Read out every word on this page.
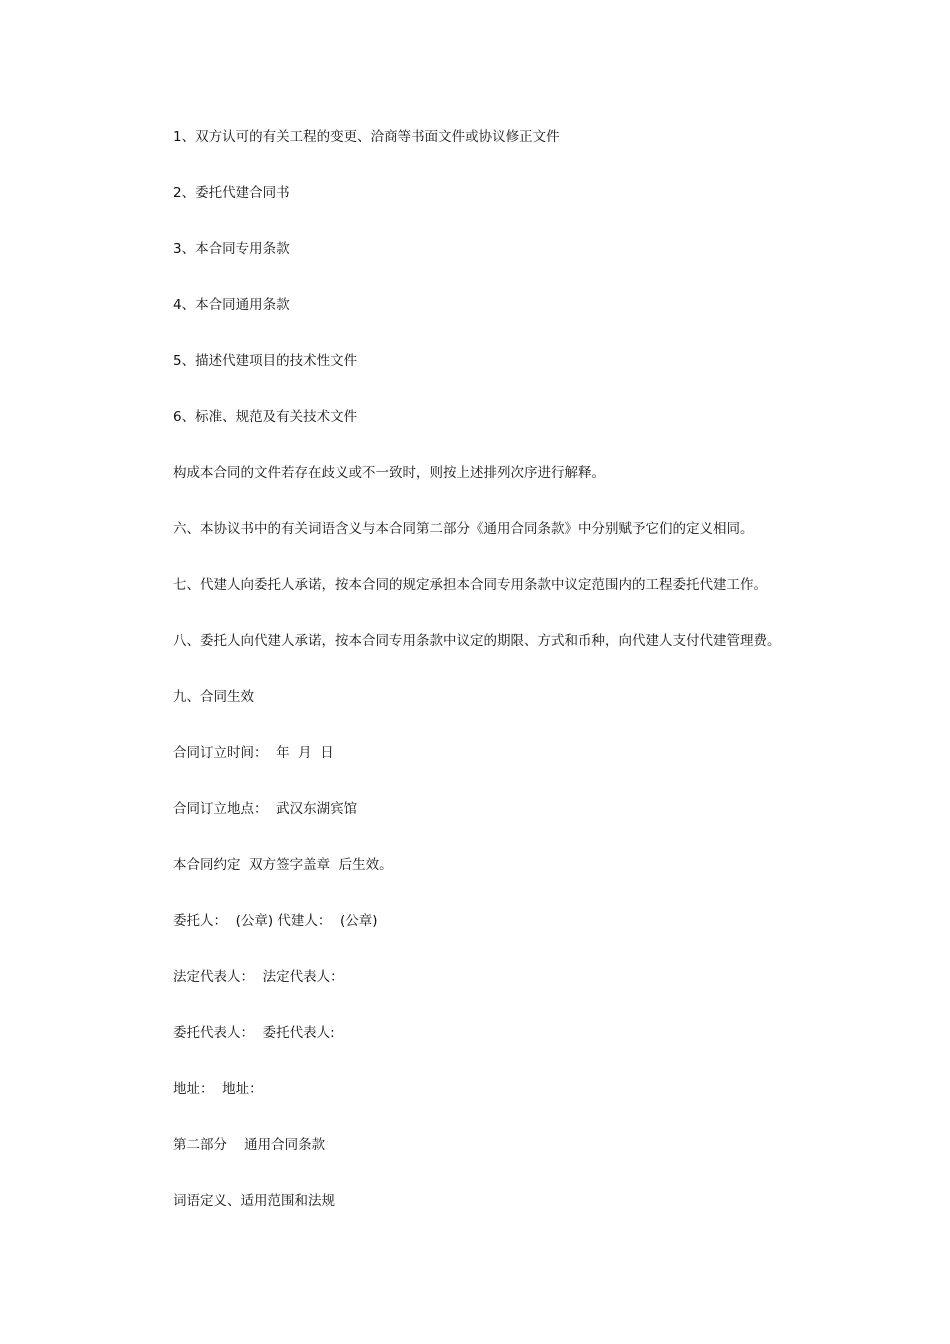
1、双方认可的有关工程的变更、洽商等书面文件或协议修正文件

2、委托代建合同书

3、本合同专用条款

4、本合同通用条款

5、描述代建项目的技术性文件

6、标准、规范及有关技术文件

构成本合同的文件若存在歧义或不一致时，则按上述排列次序进行解释。

六、本协议书中的有关词语含义与本合同第二部分《通用合同条款》中分别赋予它们的定义相同。

七、代建人向委托人承诺，按本合同的规定承担本合同专用条款中议定范围内的工程委托代建工作。

八、委托人向代建人承诺，按本合同专用条款中议定的期限、方式和币种，向代建人支付代建管理费。

九、合同生效

合同订立时间：  年  月  日

合同订立地点：  武汉东湖宾馆

本合同约定  双方签字盖章  后生效。

委托人：  (公章) 代建人：  (公章)

法定代表人：  法定代表人：

委托代表人：  委托代表人:

地址：  地址：

第二部分    通用合同条款

词语定义、适用范围和法规
